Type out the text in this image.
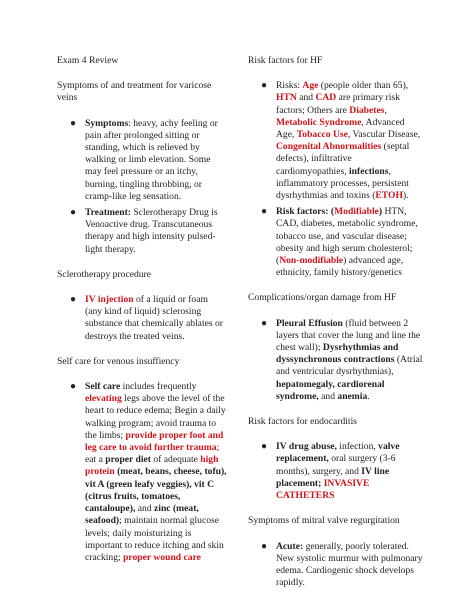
Exam 4 Review

Symptoms of and treatment for varicose veins

● Symptoms: heavy, achy feeling or pain after prolonged sitting or standing, which is relieved by walking or limb elevation. Some may feel pressure or an itchy, burning, tingling throbbing, or cramp-like leg sensation.
● Treatment: Sclerotherapy Drug is Venoactive drug. Transcutaneous therapy and high intensity pulsed-light therapy.

Sclerotherapy procedure

● IV injection of a liquid or foam (any kind of liquid) sclerosing substance that chemically ablates or destroys the treated veins.

Self care for venous insuffiency

● Self care includes frequently elevating legs above the level of the heart to reduce edema; Begin a daily walking program; avoid trauma to the limbs; provide proper foot and leg care to avoid further trauma; eat a proper diet of adequate high protein (meat, beans, cheese, tofu), vit A (green leafy veggies), vit C (citrus fruits, tomatoes, cantaloupe), and zinc (meat, seafood); maintain normal glucose levels; daily moisturizing is important to reduce itching and skin cracking; proper wound care

Risk factors for HF

● Risks: Age (people older than 65), HTN and CAD are primary risk factors; Others are Diabetes, Metabolic Syndrome, Advanced Age, Tobacco Use, Vascular Disease, Congenital Abnormalities (septal defects), infiltrative cardiomyopathies, infections, inflammatory processes, persistent dysrhythmias and toxins (ETOH).
● Risk factors: (Modifiable) HTN, CAD, diabetes, metabolic syndrome, tobacco use, and vascular disease; obesity and high serum cholesterol; (Non-modifiable) advanced age, ethnicity, family history/genetics

Complications/organ damage from HF

● Pleural Effusion (fluid between 2 layers that cover the lung and line the chest wall); Dysrhythmias and dyssynchronous contractions (Atrial and ventricular dysrhythmias), hepatomegaly, cardiorenal syndrome, and anemia.

Risk factors for endocarditis

● IV drug abuse, infection, valve replacement, oral surgery (3-6 months), surgery, and IV line placement; INVASIVE CATHETERS

Symptoms of mitral valve regurgitation

● Acute: generally, poorly tolerated. New systolic murmur with pulmonary edema. Cardiogenic shock develops rapidly.
